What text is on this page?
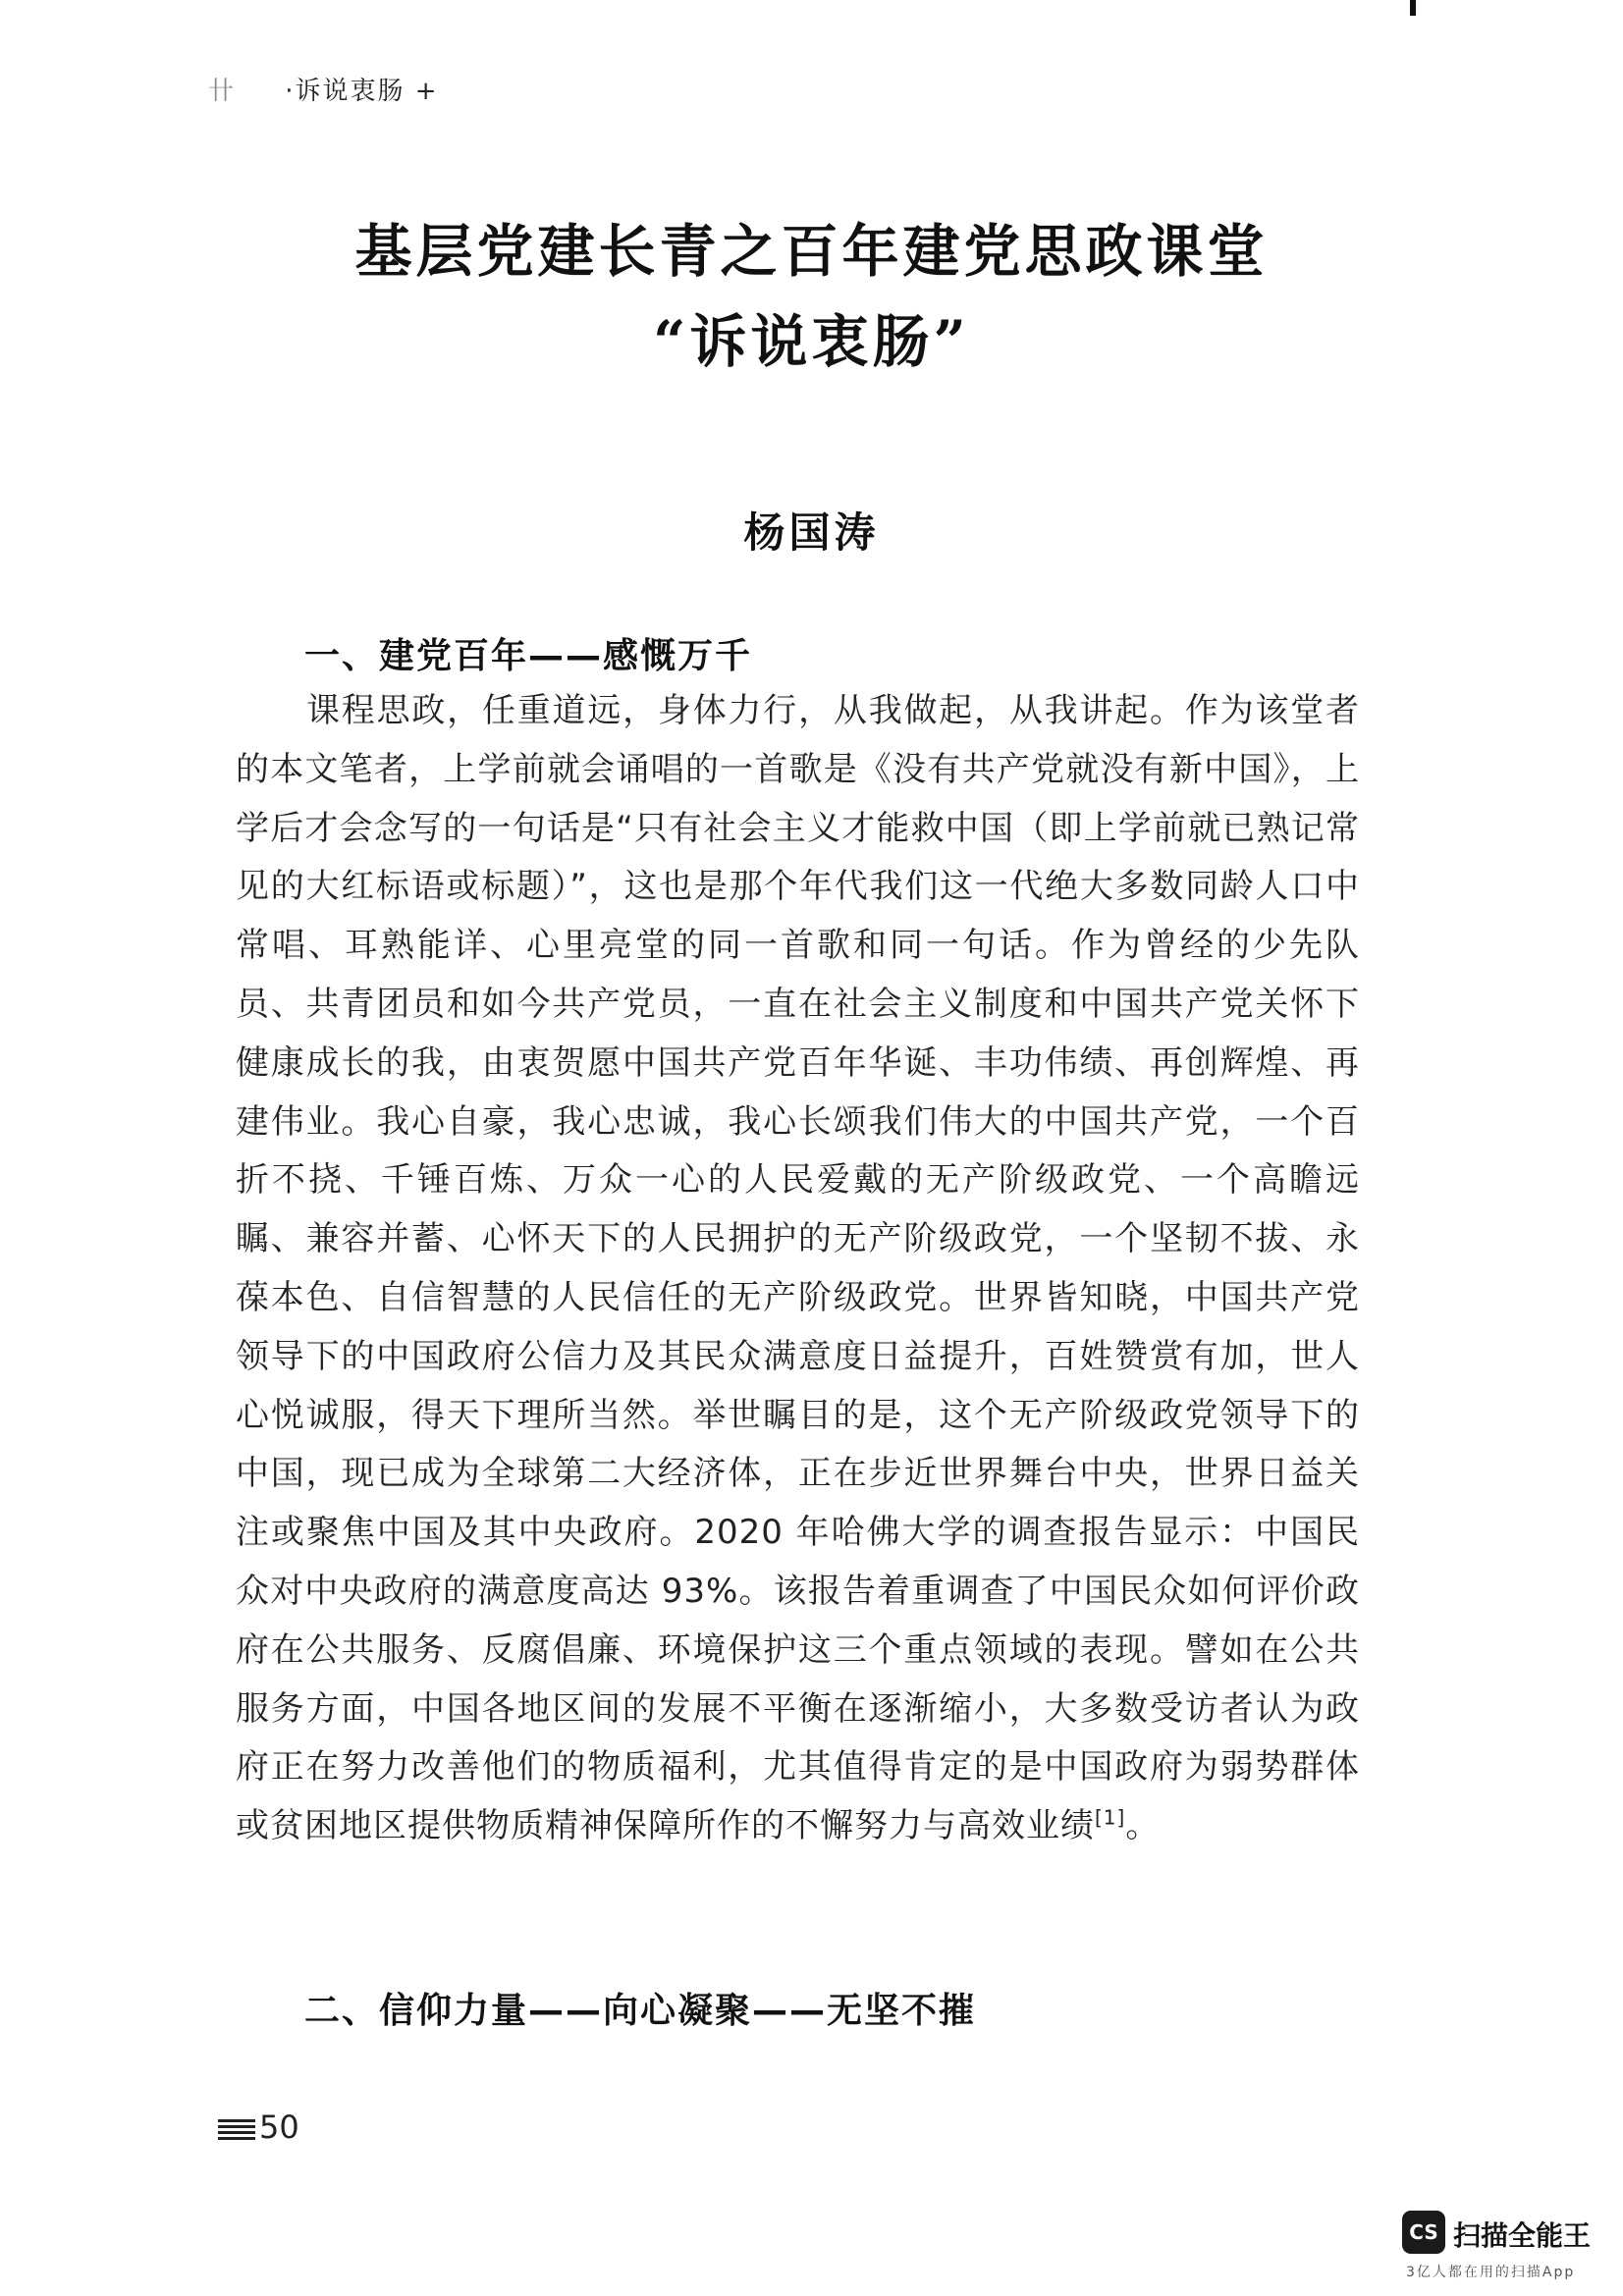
卄 ·诉说衷肠 +
基层党建长青之百年建党思政课堂
“诉说衷肠”
杨国涛
一、建党百年——感慨万千
课程思政，任重道远，身体力行，从我做起，从我讲起。作为该堂者的本文笔者，上学前就会诵唱的一首歌是《没有共产党就没有新中国》，上学后才会念写的一句话是“只有社会主义才能救中国（即上学前就已熟记常见的大红标语或标题）”，这也是那个年代我们这一代绝大多数同龄人口中常唱、耳熟能详、心里亮堂的同一首歌和同一句话。作为曾经的少先队员、共青团员和如今共产党员，一直在社会主义制度和中国共产党关怀下健康成长的我，由衷贺愿中国共产党百年华诞、丰功伟绩、再创辉煌、再建伟业。我心自豪，我心忠诚，我心长颂我们伟大的中国共产党，一个百折不挠、千锤百炼、万众一心的人民爱戴的无产阶级政党、一个高瞻远瞩、兼容并蓄、心怀天下的人民拥护的无产阶级政党，一个坚韧不拔、永葆本色、自信智慧的人民信任的无产阶级政党。世界皆知晓，中国共产党领导下的中国政府公信力及其民众满意度日益提升，百姓赞赏有加，世人心悦诚服，得天下理所当然。举世瞩目的是，这个无产阶级政党领导下的中国，现已成为全球第二大经济体，正在步近世界舞台中央，世界日益关注或聚焦中国及其中央政府。2020 年哈佛大学的调查报告显示：中国民众对中央政府的满意度高达 93%。该报告着重调查了中国民众如何评价政府在公共服务、反腐倡廉、环境保护这三个重点领域的表现。譬如在公共服务方面，中国各地区间的发展不平衡在逐渐缩小，大多数受访者认为政府正在努力改善他们的物质福利，尤其值得肯定的是中国政府为弱势群体或贫困地区提供物质精神保障所作的不懈努力与高效业绩[1]。
二、信仰力量——向心凝聚——无坚不摧
50
CS 扫描全能王
3亿人都在用的扫描App
